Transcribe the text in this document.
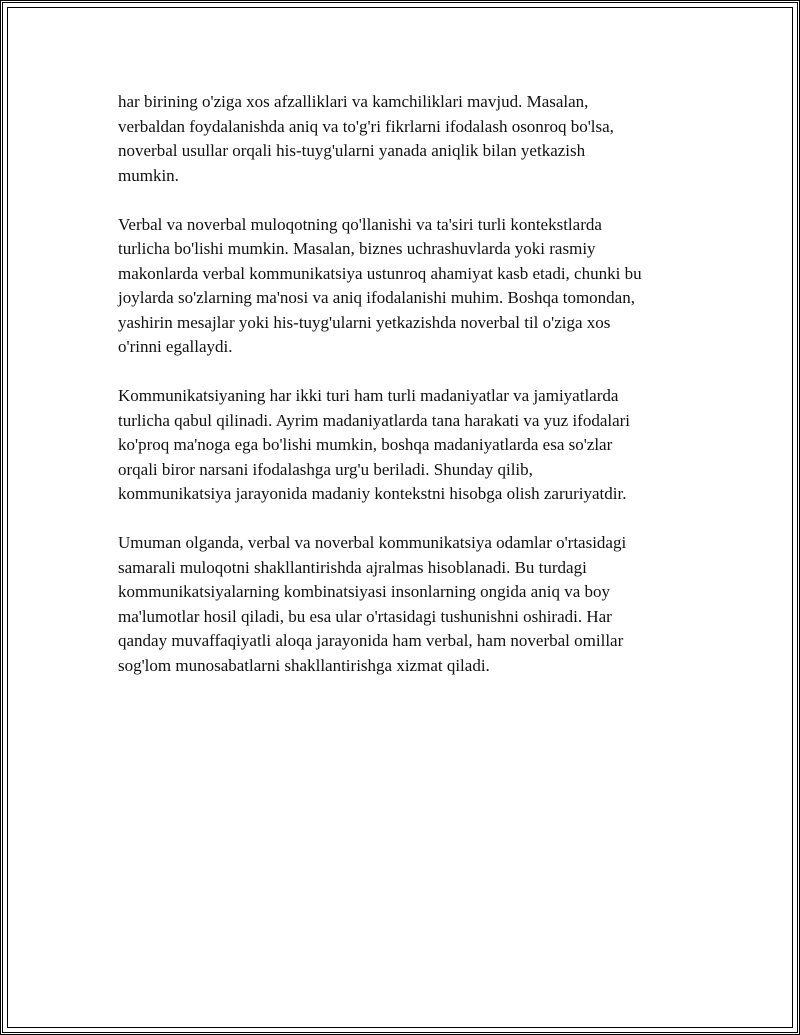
har birining o'ziga xos afzalliklari va kamchiliklari mavjud. Masalan,
verbaldan foydalanishda aniq va to'g'ri fikrlarni ifodalash osonroq bo'lsa,
noverbal usullar orqali his-tuyg'ularni yanada aniqlik bilan yetkazish
mumkin.

Verbal va noverbal muloqotning qo'llanishi va ta'siri turli kontekstlarda
turlicha bo'lishi mumkin. Masalan, biznes uchrashuvlarda yoki rasmiy
makonlarda verbal kommunikatsiya ustunroq ahamiyat kasb etadi, chunki bu
joylarda so'zlarning ma'nosi va aniq ifodalanishi muhim. Boshqa tomondan,
yashirin mesajlar yoki his-tuyg'ularni yetkazishda noverbal til o'ziga xos
o'rinni egallaydi.

Kommunikatsiyaning har ikki turi ham turli madaniyatlar va jamiyatlarda
turlicha qabul qilinadi. Ayrim madaniyatlarda tana harakati va yuz ifodalari
ko'proq ma'noga ega bo'lishi mumkin, boshqa madaniyatlarda esa so'zlar
orqali biror narsani ifodalashga urg'u beriladi. Shunday qilib,
kommunikatsiya jarayonida madaniy kontekstni hisobga olish zaruriyatdir.

Umuman olganda, verbal va noverbal kommunikatsiya odamlar o'rtasidagi
samarali muloqotni shakllantirishda ajralmas hisoblanadi. Bu turdagi
kommunikatsiyalarning kombinatsiyasi insonlarning ongida aniq va boy
ma'lumotlar hosil qiladi, bu esa ular o'rtasidagi tushunishni oshiradi. Har
qanday muvaffaqiyatli aloqa jarayonida ham verbal, ham noverbal omillar
sog'lom munosabatlarni shakllantirishga xizmat qiladi.
